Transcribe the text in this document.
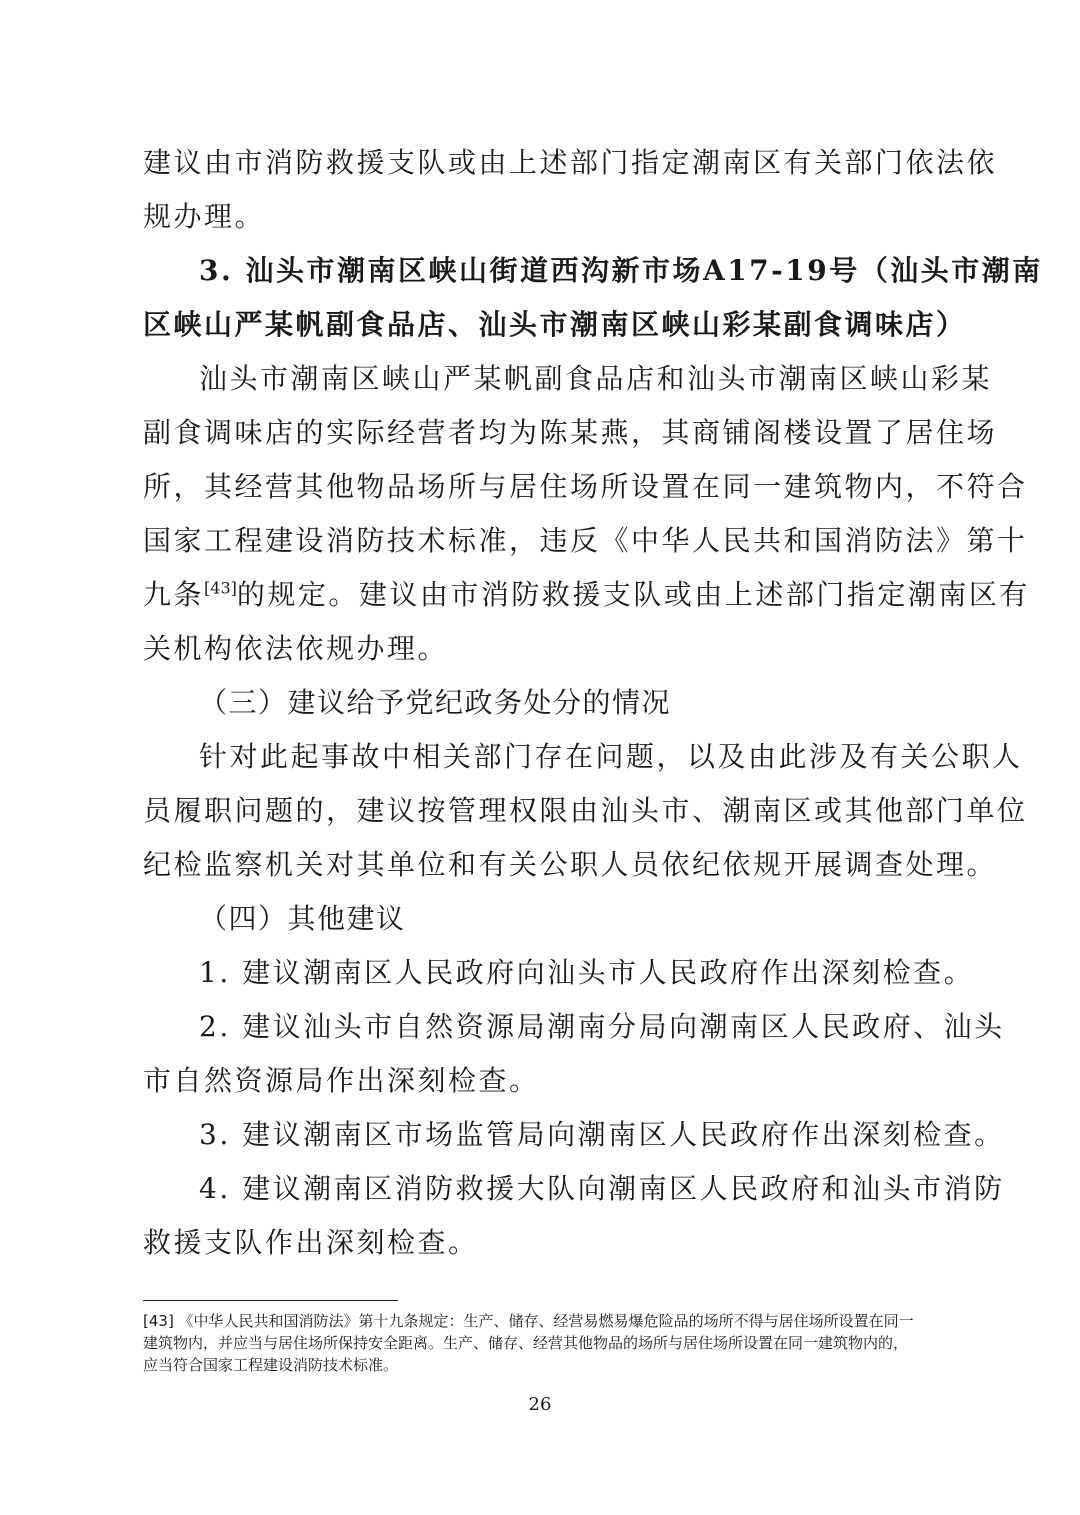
建议由市消防救援支队或由上述部门指定潮南区有关部门依法依
规办理。
3. 汕头市潮南区峡山街道西沟新市场A17-19号（汕头市潮南
区峡山严某帆副食品店、汕头市潮南区峡山彩某副食调味店）
汕头市潮南区峡山严某帆副食品店和汕头市潮南区峡山彩某
副食调味店的实际经营者均为陈某燕，其商铺阁楼设置了居住场
所，其经营其他物品场所与居住场所设置在同一建筑物内，不符合
国家工程建设消防技术标准，违反《中华人民共和国消防法》第十
九条[43]的规定。建议由市消防救援支队或由上述部门指定潮南区有
关机构依法依规办理。
（三）建议给予党纪政务处分的情况
针对此起事故中相关部门存在问题，以及由此涉及有关公职人
员履职问题的，建议按管理权限由汕头市、潮南区或其他部门单位
纪检监察机关对其单位和有关公职人员依纪依规开展调查处理。
（四）其他建议
1. 建议潮南区人民政府向汕头市人民政府作出深刻检查。
2. 建议汕头市自然资源局潮南分局向潮南区人民政府、汕头
市自然资源局作出深刻检查。
3. 建议潮南区市场监管局向潮南区人民政府作出深刻检查。
4. 建议潮南区消防救援大队向潮南区人民政府和汕头市消防
救援支队作出深刻检查。
[43] 《中华人民共和国消防法》第十九条规定：生产、储存、经营易燃易爆危险品的场所不得与居住场所设置在同一
建筑物内，并应当与居住场所保持安全距离。生产、储存、经营其他物品的场所与居住场所设置在同一建筑物内的，
应当符合国家工程建设消防技术标准。
26
